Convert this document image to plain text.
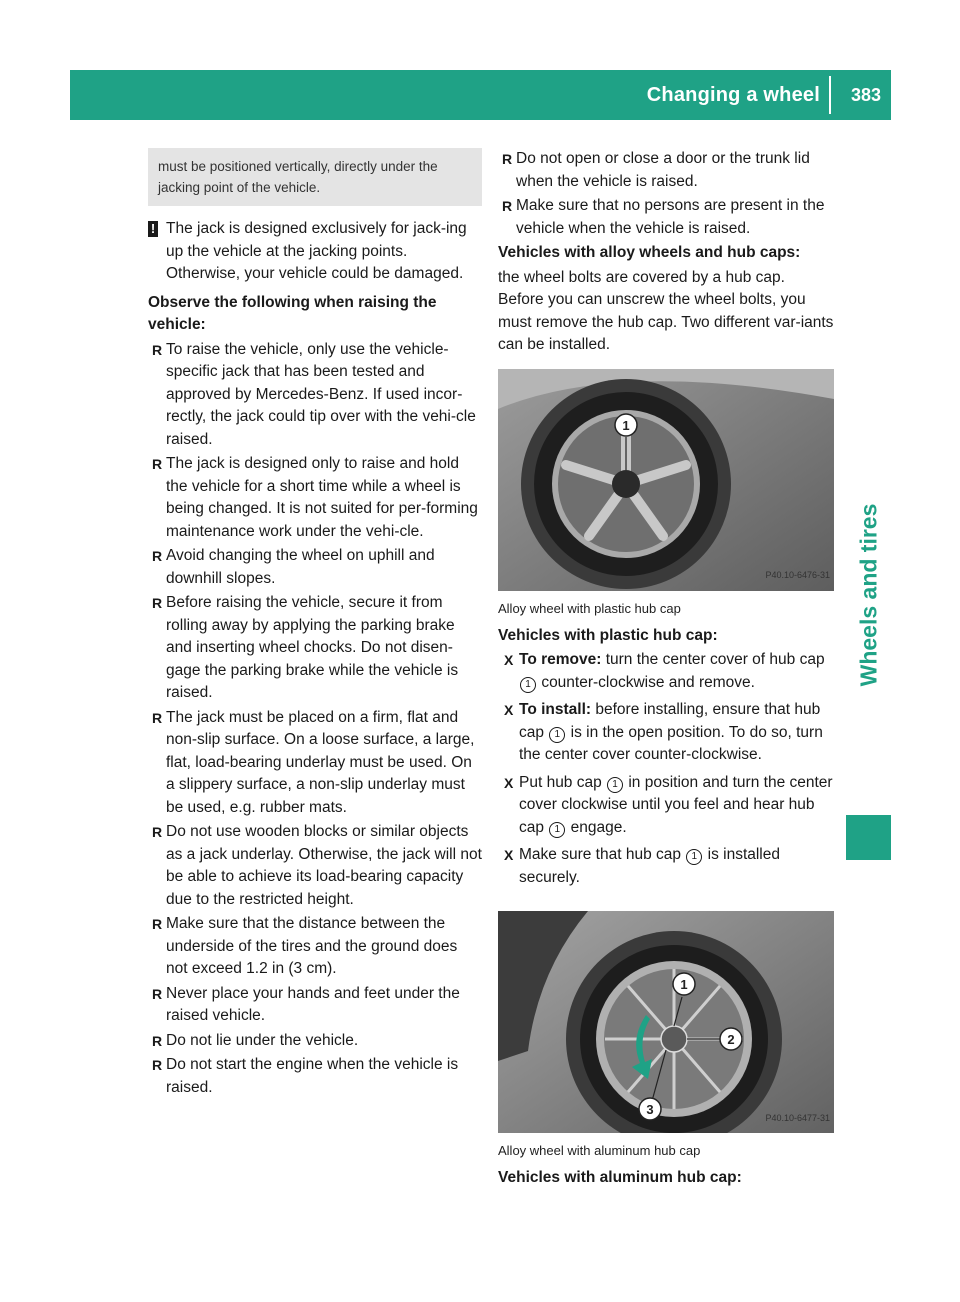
Changing a wheel 383
Wheels and tires
must be positioned vertically, directly under the jacking point of the vehicle.
! The jack is designed exclusively for jack-ing up the vehicle at the jacking points. Otherwise, your vehicle could be damaged.

Observe the following when raising the vehicle:

R To raise the vehicle, only use the vehicle-specific jack that has been tested and approved by Mercedes-Benz. If used incor-rectly, the jack could tip over with the vehi-cle raised.
R The jack is designed only to raise and hold the vehicle for a short time while a wheel is being changed. It is not suited for per-forming maintenance work under the vehi-cle.
R Avoid changing the wheel on uphill and downhill slopes.
R Before raising the vehicle, secure it from rolling away by applying the parking brake and inserting wheel chocks. Do not disen-gage the parking brake while the vehicle is raised.
R The jack must be placed on a firm, flat and non-slip surface. On a loose surface, a large, flat, load-bearing underlay must be used. On a slippery surface, a non-slip underlay must be used, e.g. rubber mats.
R Do not use wooden blocks or similar objects as a jack underlay. Otherwise, the jack will not be able to achieve its load-bearing capacity due to the restricted height.
R Make sure that the distance between the underside of the tires and the ground does not exceed 1.2 in (3 cm).
R Never place your hands and feet under the raised vehicle.
R Do not lie under the vehicle.
R Do not start the engine when the vehicle is raised.
R Do not open or close a door or the trunk lid when the vehicle is raised.
R Make sure that no persons are present in the vehicle when the vehicle is raised.

Vehicles with alloy wheels and hub caps:

the wheel bolts are covered by a hub cap. Before you can unscrew the wheel bolts, you must remove the hub cap. Two different var-iants can be installed.

1
P40.10-6476-31

Alloy wheel with plastic hub cap

Vehicles with plastic hub cap:

X To remove: turn the center cover of hub cap 1 counter-clockwise and remove.
X To install: before installing, ensure that hub cap 1 is in the open position. To do so, turn the center cover counter-clockwise.
X Put hub cap 1 in position and turn the center cover clockwise until you feel and hear hub cap 1 engage.
X Make sure that hub cap 1 is installed securely.
1
2
3
P40.10-6477-31

Alloy wheel with aluminum hub cap

Vehicles with aluminum hub cap:
